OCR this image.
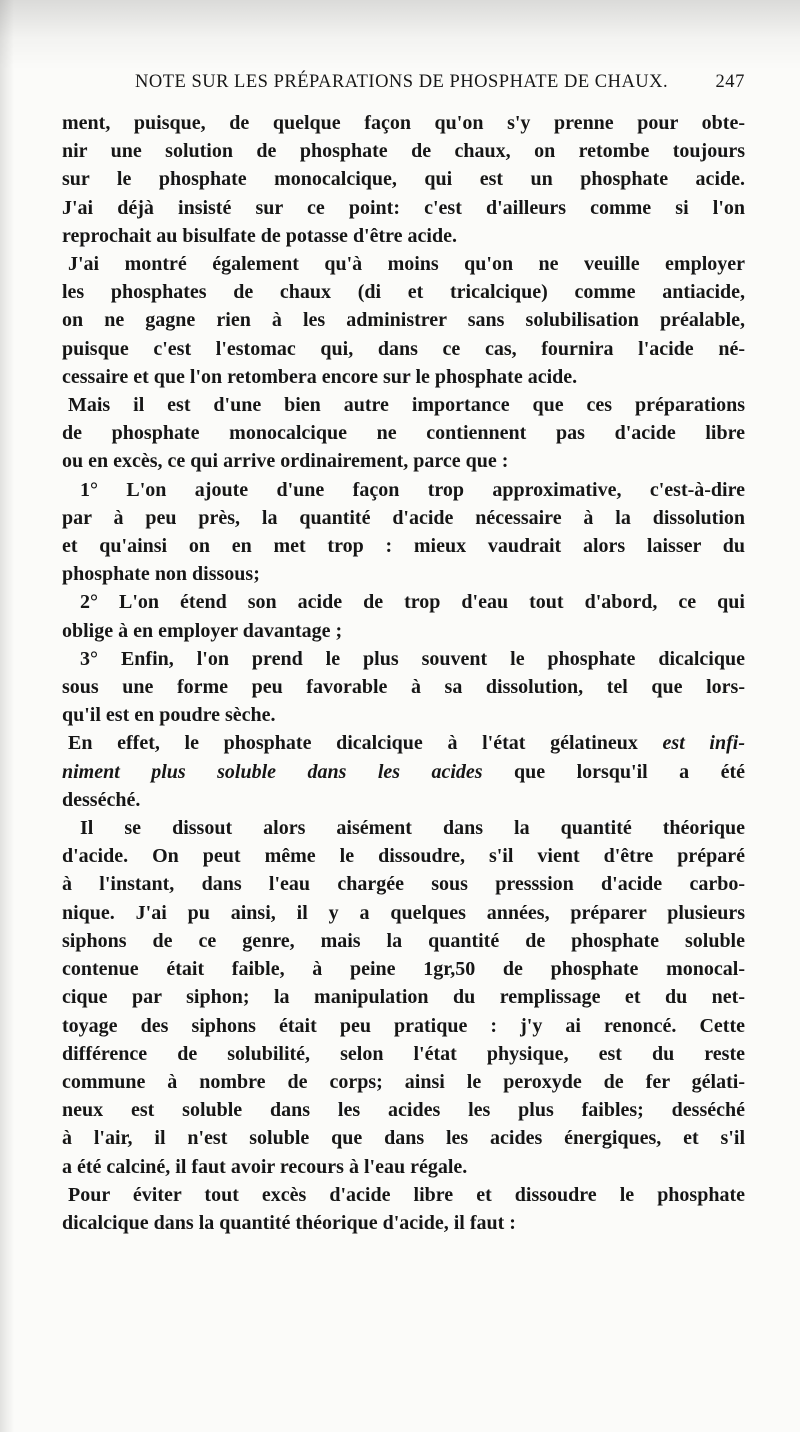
NOTE SUR LES PRÉPARATIONS DE PHOSPHATE DE CHAUX.	247

ment, puisque, de quelque façon qu'on s'y prenne pour obte-

nir une solution de phosphate de chaux, on retombe toujours

sur le phosphate monocalcique, qui est un phosphate acide.

J'ai déjà insisté sur ce point: c'est d'ailleurs comme si l'on

reprochait au bisulfate de potasse d'être acide.

J'ai montré également qu'à moins qu'on ne veuille employer

les phosphates de chaux (di et tricalcique) comme antiacide,

on ne gagne rien à les administrer sans solubilisation préalable,

puisque c'est l'estomac qui, dans ce cas, fournira l'acide né-

cessaire et que l'on retombera encore sur le phosphate acide.

Mais il est d'une bien autre importance que ces préparations

de phosphate monocalcique ne contiennent pas d'acide libre

ou en excès, ce qui arrive ordinairement, parce que :

1° L'on ajoute d'une façon trop approximative, c'est-à-dire

par à peu près, la quantité d'acide nécessaire à la dissolution

et qu'ainsi on en met trop : mieux vaudrait alors laisser du

phosphate non dissous;

2° L'on étend son acide de trop d'eau tout d'abord, ce qui

oblige à en employer davantage ;

3° Enfin, l'on prend le plus souvent le phosphate dicalcique

sous une forme peu favorable à sa dissolution, tel que lors-

qu'il est en poudre sèche.

En effet, le phosphate dicalcique à l'état gélatineux est infi-

niment plus soluble dans les acides que lorsqu'il a été

desséché.

Il se dissout alors aisément dans la quantité théorique

d'acide. On peut même le dissoudre, s'il vient d'être préparé

à l'instant, dans l'eau chargée sous presssion d'acide carbo-

nique. J'ai pu ainsi, il y a quelques années, préparer plusieurs

siphons de ce genre, mais la quantité de phosphate soluble

contenue était faible, à peine 1gr,50 de phosphate monocal-

cique par siphon; la manipulation du remplissage et du net-

toyage des siphons était peu pratique : j'y ai renoncé. Cette

différence de solubilité, selon l'état physique, est du reste

commune à nombre de corps; ainsi le peroxyde de fer gélati-

neux est soluble dans les acides les plus faibles; desséché

à l'air, il n'est soluble que dans les acides énergiques, et s'il

a été calciné, il faut avoir recours à l'eau régale.

Pour éviter tout excès d'acide libre et dissoudre le phosphate

dicalcique dans la quantité théorique d'acide, il faut :
